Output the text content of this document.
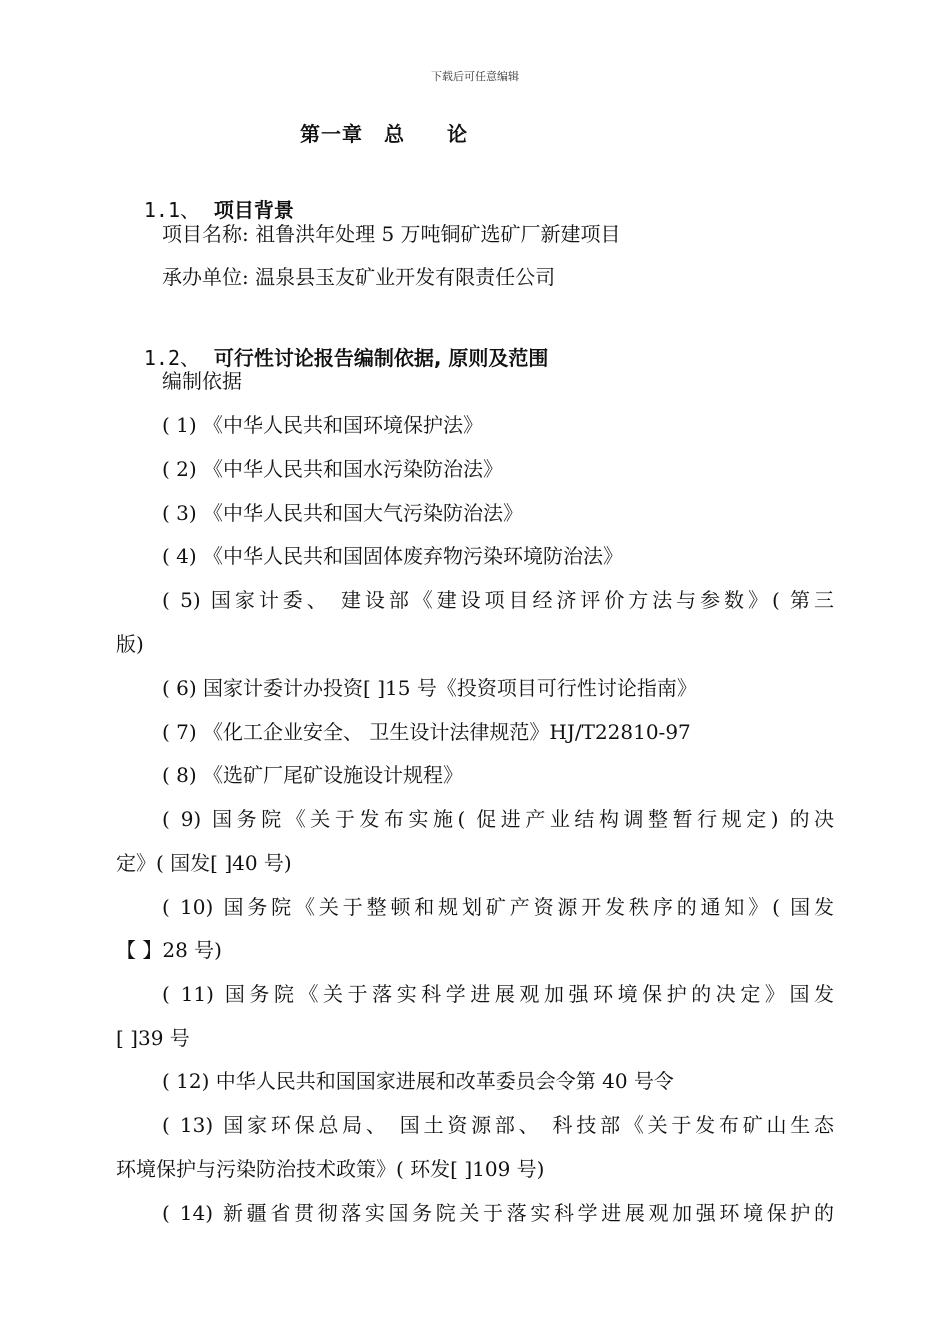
下载后可任意编辑
第一章　总　　论

1.1、 项目背景

项目名称: 祖鲁洪年处理 5 万吨铜矿选矿厂新建项目
承办单位: 温泉县玉友矿业开发有限责任公司

1.2、 可行性讨论报告编制依据, 原则及范围

编制依据
( 1) 《中华人民共和国环境保护法》
( 2) 《中华人民共和国水污染防治法》
( 3) 《中华人民共和国大气污染防治法》
( 4) 《中华人民共和国固体废弃物污染环境防治法》
( 5) 国家计委、 建设部《建设项目经济评价方法与参数》( 第三
版)
( 6) 国家计委计办投资[ ]15 号《投资项目可行性讨论指南》
( 7) 《化工企业安全、 卫生设计法律规范》HJ/T22810-97
( 8) 《选矿厂尾矿设施设计规程》
( 9) 国务院《关于发布实施( 促进产业结构调整暂行规定) 的决
定》( 国发[ ]40 号)
( 10) 国务院《关于整顿和规划矿产资源开发秩序的通知》( 国发
【 】28 号)
( 11) 国务院《关于落实科学进展观加强环境保护的决定》国发
[ ]39 号
( 12) 中华人民共和国国家进展和改革委员会令第 40 号令
( 13) 国家环保总局、 国土资源部、 科技部《关于发布矿山生态
环境保护与污染防治技术政策》( 环发[ ]109 号)
( 14) 新疆省贯彻落实国务院关于落实科学进展观加强环境保护的
